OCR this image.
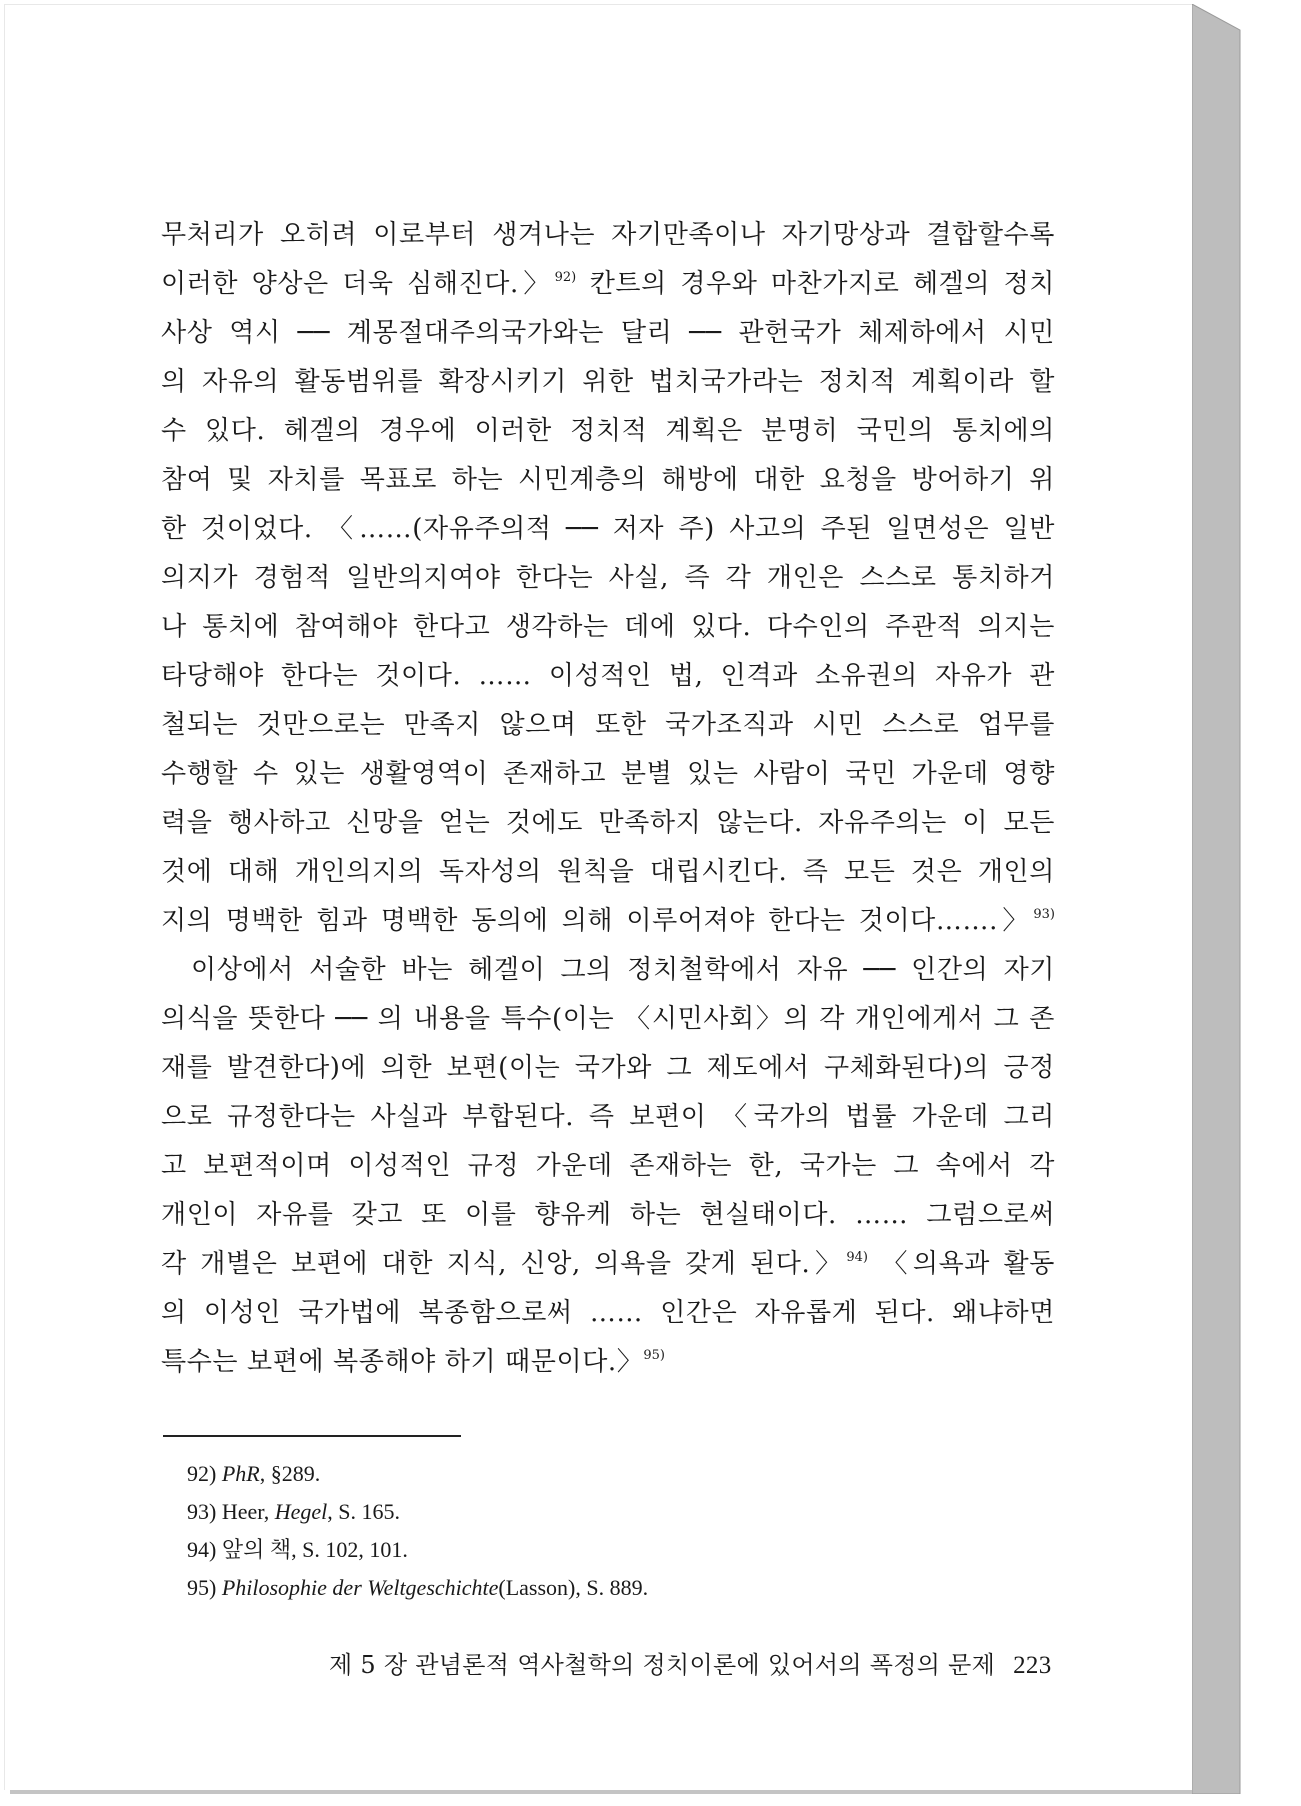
무처리가 오히려 이로부터 생겨나는 자기만족이나 자기망상과 결합할수록
이러한 양상은 더욱 심해진다.〉$^{92)}$ 칸트의 경우와 마찬가지로 헤겔의 정치
사상 역시 ── 계몽절대주의국가와는 달리 ── 관헌국가 체제하에서 시민
의 자유의 활동범위를 확장시키기 위한 법치국가라는 정치적 계획이라 할
수 있다. 헤겔의 경우에 이러한 정치적 계획은 분명히 국민의 통치에의
참여 및 자치를 목표로 하는 시민계층의 해방에 대한 요청을 방어하기 위
한 것이었다. 〈……(자유주의적 ── 저자 주) 사고의 주된 일면성은 일반
의지가 경험적 일반의지여야 한다는 사실, 즉 각 개인은 스스로 통치하거
나 통치에 참여해야 한다고 생각하는 데에 있다. 다수인의 주관적 의지는
타당해야 한다는 것이다. …… 이성적인 법, 인격과 소유권의 자유가 관
철되는 것만으로는 만족지 않으며 또한 국가조직과 시민 스스로 업무를
수행할 수 있는 생활영역이 존재하고 분별 있는 사람이 국민 가운데 영향
력을 행사하고 신망을 얻는 것에도 만족하지 않는다. 자유주의는 이 모든
것에 대해 개인의지의 독자성의 원칙을 대립시킨다. 즉 모든 것은 개인의
지의 명백한 힘과 명백한 동의에 의해 이루어져야 한다는 것이다…….〉$^{93)}$
이상에서 서술한 바는 헤겔이 그의 정치철학에서 자유 ── 인간의 자기
의식을 뜻한다 ── 의 내용을 특수(이는 〈시민사회〉의 각 개인에게서 그 존
재를 발견한다)에 의한 보편(이는 국가와 그 제도에서 구체화된다)의 긍정
으로 규정한다는 사실과 부합된다. 즉 보편이 〈국가의 법률 가운데 그리
고 보편적이며 이성적인 규정 가운데 존재하는 한, 국가는 그 속에서 각
개인이 자유를 갖고 또 이를 향유케 하는 현실태이다. …… 그럼으로써
각 개별은 보편에 대한 지식, 신앙, 의욕을 갖게 된다.〉$^{94)}$ 〈의욕과 활동
의 이성인 국가법에 복종함으로써 …… 인간은 자유롭게 된다. 왜냐하면
특수는 보편에 복종해야 하기 때문이다.〉$^{95)}$
92) PhR, §289.
93) Heer, Hegel, S. 165.
94) 앞의 책, S. 102, 101.
95) Philosophie der Weltgeschichte(Lasson), S. 889.
제 5 장 관념론적 역사철학의 정치이론에 있어서의 폭정의 문제 223
